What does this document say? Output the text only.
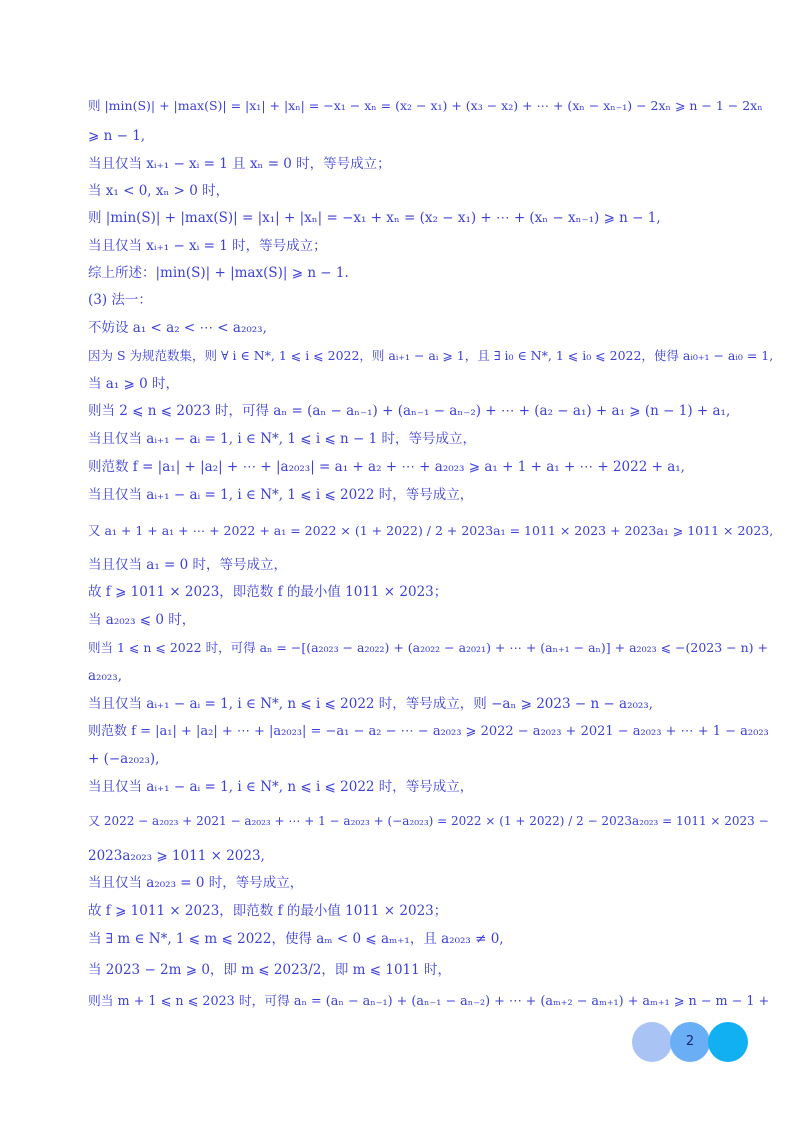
则 |min(S)| + |max(S)| = |x₁| + |xₙ| = −x₁ − xₙ = (x₂ − x₁) + (x₃ − x₂) + ⋯ + (xₙ − xₙ₋₁) − 2xₙ ⩾ n − 1 − 2xₙ
⩾ n − 1,
当且仅当 xᵢ₊₁ − xᵢ = 1 且 xₙ = 0 时，等号成立；
当 x₁ < 0, xₙ > 0 时，
则 |min(S)| + |max(S)| = |x₁| + |xₙ| = −x₁ + xₙ = (x₂ − x₁) + ⋯ + (xₙ − xₙ₋₁) ⩾ n − 1,
当且仅当 xᵢ₊₁ − xᵢ = 1 时，等号成立；
综上所述：|min(S)| + |max(S)| ⩾ n − 1.
(3) 法一：
不妨设 a₁ < a₂ < ⋯ < a₂₀₂₃,
因为 S 为规范数集，则 ∀ i ∈ N*, 1 ⩽ i ⩽ 2022，则 aᵢ₊₁ − aᵢ ⩾ 1，且 ∃ i₀ ∈ N*, 1 ⩽ i₀ ⩽ 2022，使得 aᵢ₀₊₁ − aᵢ₀ = 1,
当 a₁ ⩾ 0 时，
则当 2 ⩽ n ⩽ 2023 时，可得 aₙ = (aₙ − aₙ₋₁) + (aₙ₋₁ − aₙ₋₂) + ⋯ + (a₂ − a₁) + a₁ ⩾ (n − 1) + a₁,
当且仅当 aᵢ₊₁ − aᵢ = 1, i ∈ N*, 1 ⩽ i ⩽ n − 1 时，等号成立，
则范数 f = |a₁| + |a₂| + ⋯ + |a₂₀₂₃| = a₁ + a₂ + ⋯ + a₂₀₂₃ ⩾ a₁ + 1 + a₁ + ⋯ + 2022 + a₁,
当且仅当 aᵢ₊₁ − aᵢ = 1, i ∈ N*, 1 ⩽ i ⩽ 2022 时，等号成立，
又 a₁ + 1 + a₁ + ⋯ + 2022 + a₁ = 2022 × (1 + 2022) / 2 + 2023a₁ = 1011 × 2023 + 2023a₁ ⩾ 1011 × 2023,
当且仅当 a₁ = 0 时，等号成立，
故 f ⩾ 1011 × 2023，即范数 f 的最小值 1011 × 2023；
当 a₂₀₂₃ ⩽ 0 时，
则当 1 ⩽ n ⩽ 2022 时，可得 aₙ = −[(a₂₀₂₃ − a₂₀₂₂) + (a₂₀₂₂ − a₂₀₂₁) + ⋯ + (aₙ₊₁ − aₙ)] + a₂₀₂₃ ⩽ −(2023 − n) +
a₂₀₂₃,
当且仅当 aᵢ₊₁ − aᵢ = 1, i ∈ N*, n ⩽ i ⩽ 2022 时，等号成立，则 −aₙ ⩾ 2023 − n − a₂₀₂₃,
则范数 f = |a₁| + |a₂| + ⋯ + |a₂₀₂₃| = −a₁ − a₂ − ⋯ − a₂₀₂₃ ⩾ 2022 − a₂₀₂₃ + 2021 − a₂₀₂₃ + ⋯ + 1 − a₂₀₂₃
+ (−a₂₀₂₃),
当且仅当 aᵢ₊₁ − aᵢ = 1, i ∈ N*, n ⩽ i ⩽ 2022 时，等号成立，
又 2022 − a₂₀₂₃ + 2021 − a₂₀₂₃ + ⋯ + 1 − a₂₀₂₃ + (−a₂₀₂₃) = 2022 × (1 + 2022) / 2 − 2023a₂₀₂₃ = 1011 × 2023 −
2023a₂₀₂₃ ⩾ 1011 × 2023,
当且仅当 a₂₀₂₃ = 0 时，等号成立，
故 f ⩾ 1011 × 2023，即范数 f 的最小值 1011 × 2023；
当 ∃ m ∈ N*, 1 ⩽ m ⩽ 2022，使得 aₘ < 0 ⩽ aₘ₊₁，且 a₂₀₂₃ ≠ 0,
当 2023 − 2m ⩾ 0，即 m ⩽ 2023/2，即 m ⩽ 1011 时，
则当 m + 1 ⩽ n ⩽ 2023 时，可得 aₙ = (aₙ − aₙ₋₁) + (aₙ₋₁ − aₙ₋₂) + ⋯ + (aₘ₊₂ − aₘ₊₁) + aₘ₊₁ ⩾ n − m − 1 +
2
